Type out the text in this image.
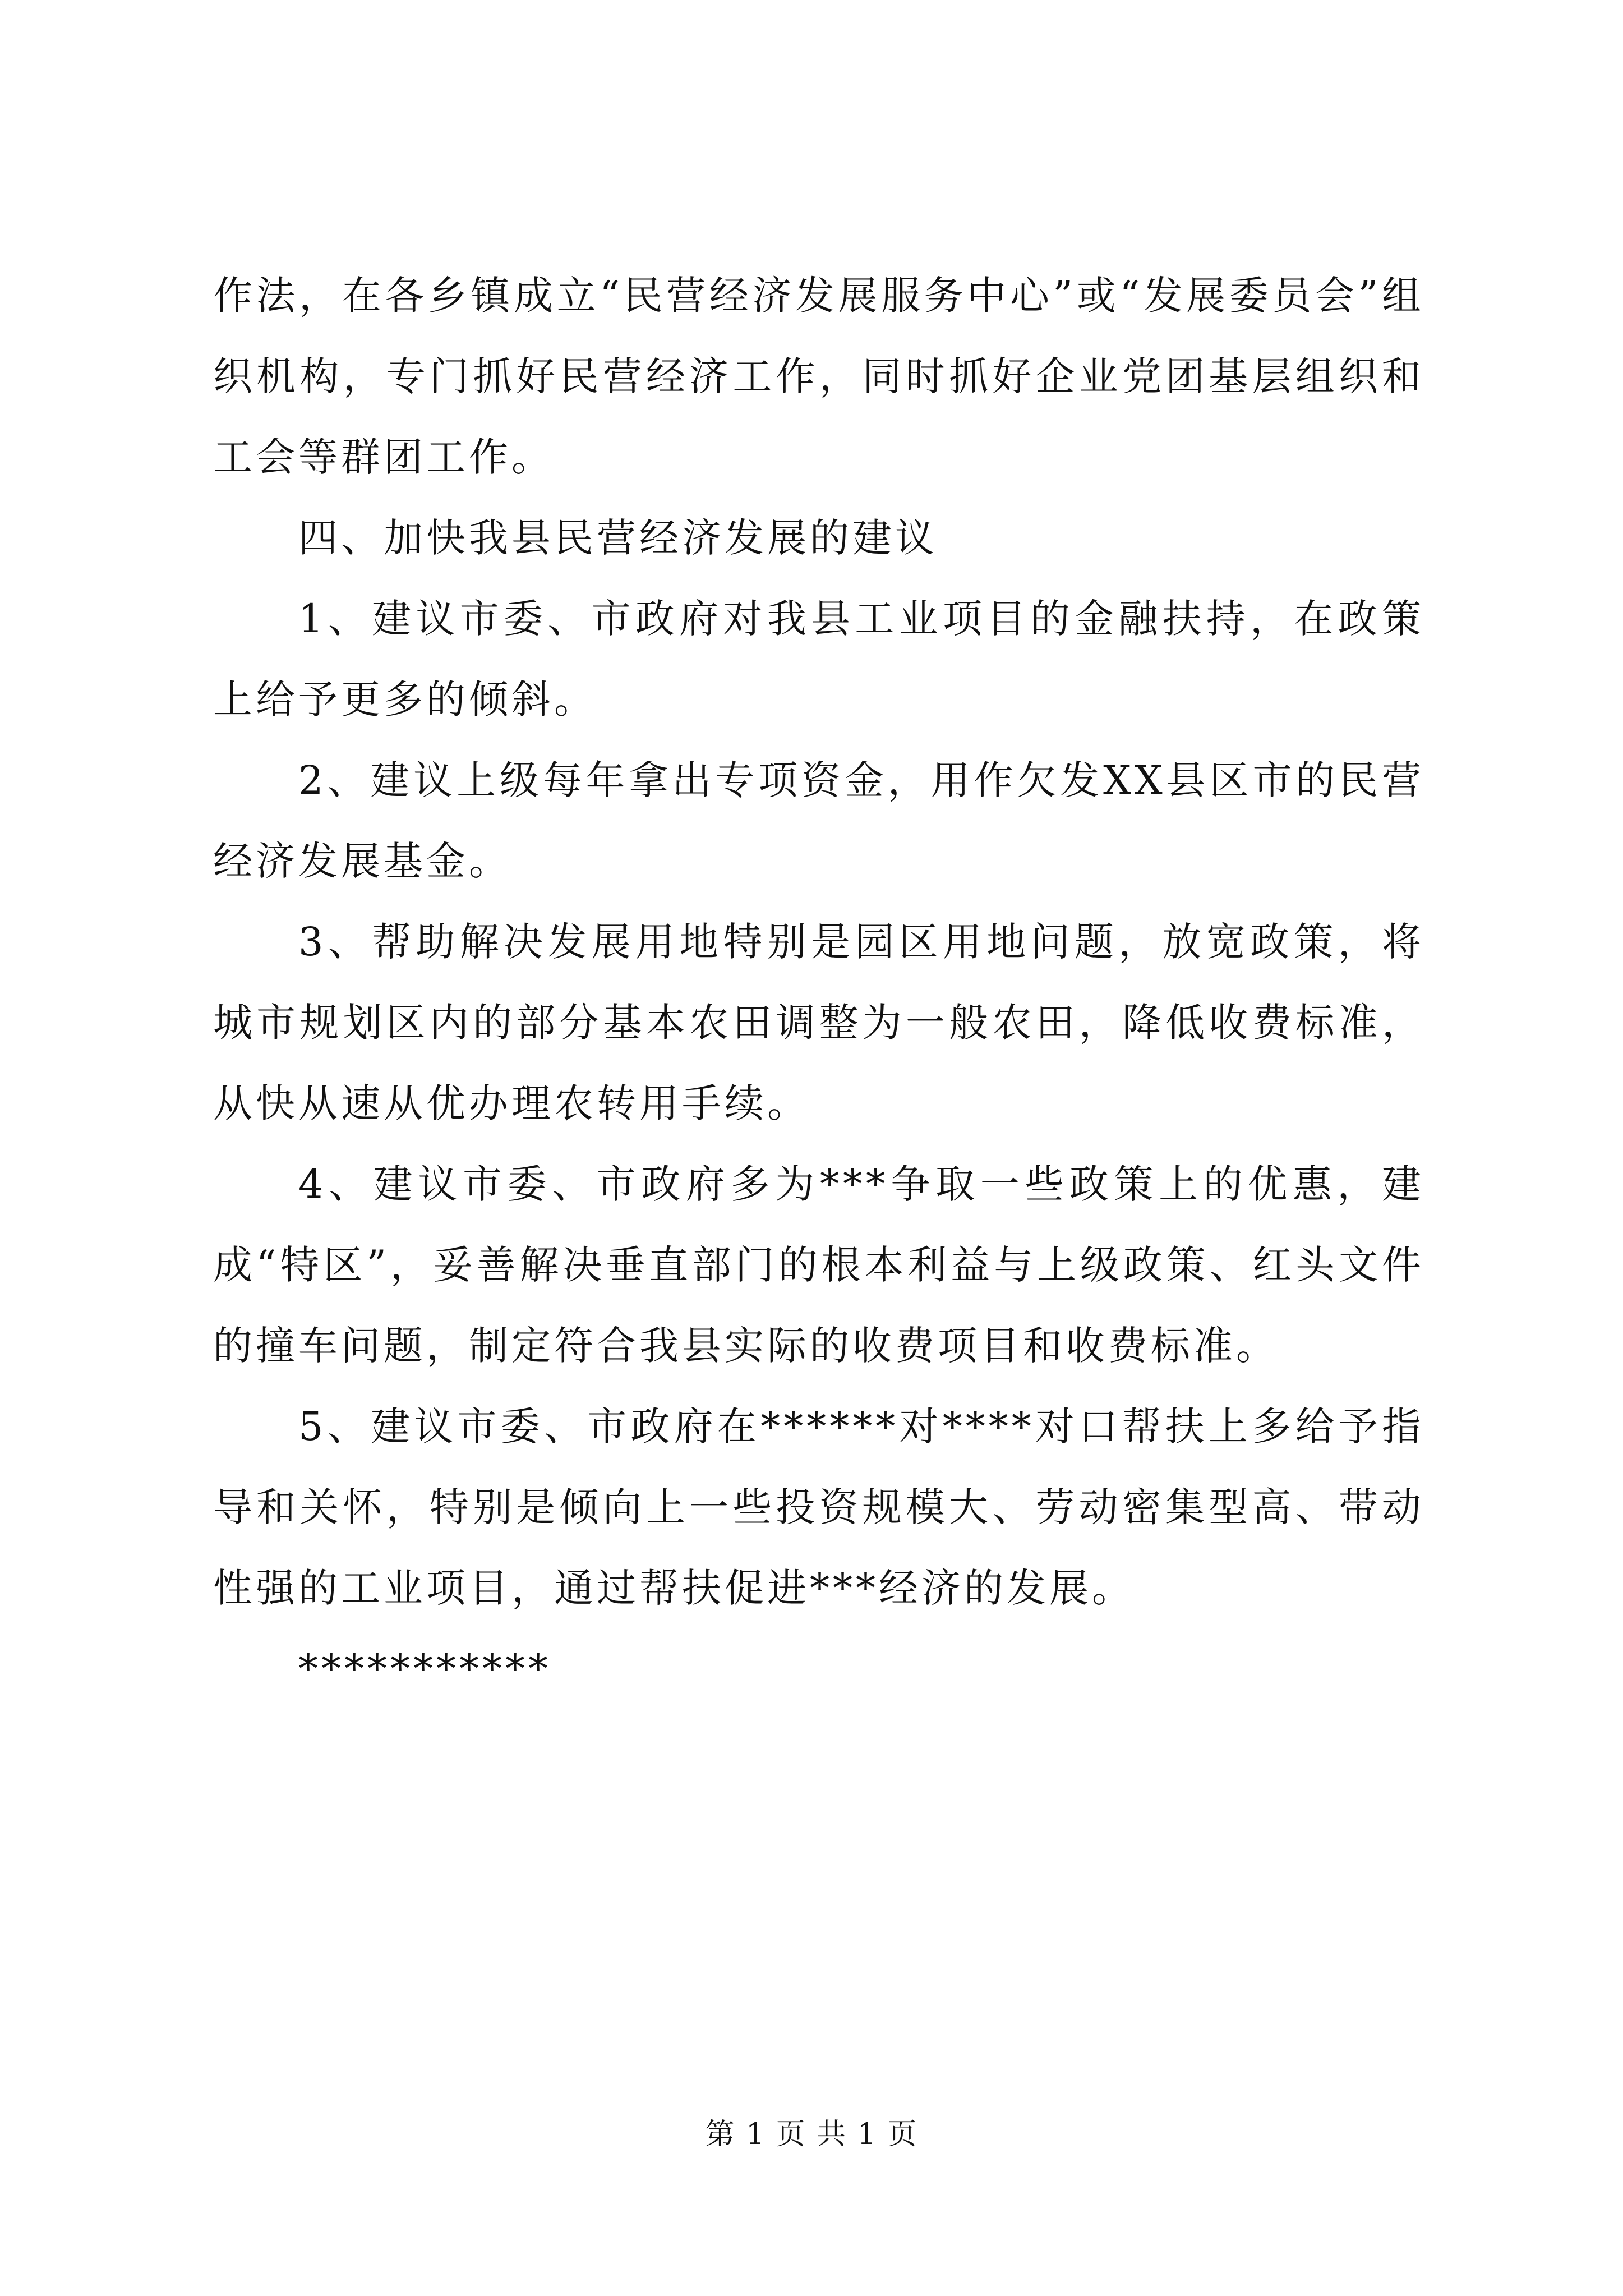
作法，在各乡镇成立“民营经济发展服务中心”或“发展委员会”组织机构，专门抓好民营经济工作，同时抓好企业党团基层组织和工会等群团工作。

四、加快我县民营经济发展的建议

1、建议市委、市政府对我县工业项目的金融扶持，在政策上给予更多的倾斜。

2、建议上级每年拿出专项资金，用作欠发XX县区市的民营经济发展基金。

3、帮助解决发展用地特别是园区用地问题，放宽政策，将城市规划区内的部分基本农田调整为一般农田，降低收费标准，从快从速从优办理农转用手续。

4、建议市委、市政府多为***争取一些政策上的优惠，建成“特区”，妥善解决垂直部门的根本利益与上级政策、红头文件的撞车问题，制定符合我县实际的收费项目和收费标准。

5、建议市委、市政府在******对****对口帮扶上多给予指导和关怀，特别是倾向上一些投资规模大、劳动密集型高、带动性强的工业项目，通过帮扶促进***经济的发展。

***********

第 1 页 共 1 页
